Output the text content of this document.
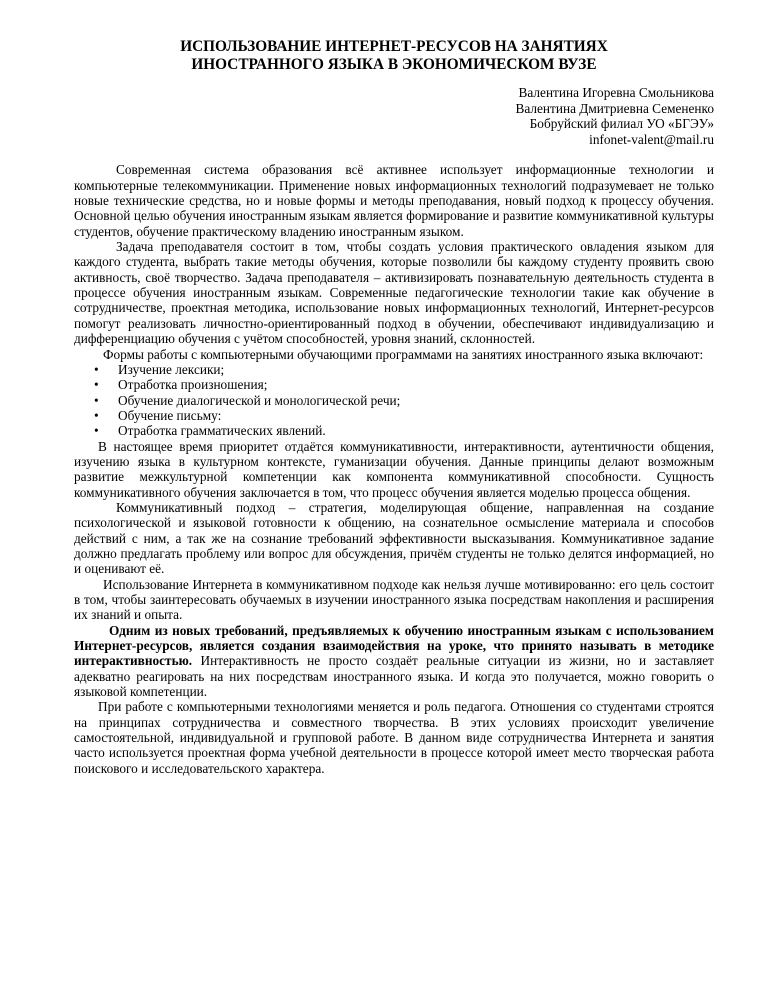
ИСПОЛЬЗОВАНИЕ ИНТЕРНЕТ-РЕСУСОВ НА ЗАНЯТИЯХ
ИНОСТРАННОГО ЯЗЫКА В ЭКОНОМИЧЕСКОМ ВУЗЕ
Валентина Игоревна Смольникова
Валентина Дмитриевна Семененко
Бобруйский филиал УО «БГЭУ»
infonet-valent@mail.ru

Современная система образования всё активнее использует информационные технологии и компьютерные телекоммуникации. Применение новых информационных технологий подразумевает не только новые технические средства, но и новые формы и методы преподавания, новый подход к процессу обучения. Основной целью обучения иностранным языкам является формирование и развитие коммуникативной культуры студентов, обучение практическому владению иностранным языком.

Задача преподавателя состоит в том, чтобы создать условия практического овладения языком для каждого студента, выбрать такие методы обучения, которые позволили бы каждому студенту проявить свою активность, своё творчество. Задача преподавателя – активизировать познавательную деятельность студента в процессе обучения иностранным языкам. Современные педагогические технологии такие как обучение в сотрудничестве, проектная методика, использование новых информационных технологий, Интернет-ресурсов помогут реализовать личностно-ориентированный подход в обучении, обеспечивают индивидуализацию и дифференциацию обучения с учётом способностей, уровня знаний, склонностей.

Формы работы с компьютерными обучающими программами на занятиях иностранного языка включают:

• Изучение лексики;
• Отработка произношения;
• Обучение диалогической и монологической речи;
• Обучение письму:
• Отработка грамматических явлений.

В настоящее время приоритет отдаётся коммуникативности, интерактивности, аутентичности общения, изучению языка в культурном контексте, гуманизации обучения. Данные принципы делают возможным развитие межкультурной компетенции как компонента коммуникативной способности. Сущность коммуникативного обучения заключается в том, что процесс обучения является моделью процесса общения.

Коммуникативный подход – стратегия, моделирующая общение, направленная на создание психологической и языковой готовности к общению, на сознательное осмысление материала и способов действий с ним, а так же на сознание требований эффективности высказывания. Коммуникативное задание должно предлагать проблему или вопрос для обсуждения, причём студенты не только делятся информацией, но и оценивают её.

Использование Интернета в коммуникативном подходе как нельзя лучше мотивированно: его цель состоит в том, чтобы заинтересовать обучаемых в изучении иностранного языка посредствам накопления и расширения их знаний и опыта.

Одним из новых требований, предъявляемых к обучению иностранным языкам с использованием Интернет-ресурсов, является создания взаимодействия на уроке, что принято называть в методике интерактивностью. Интерактивность не просто создаёт реальные ситуации из жизни, но и заставляет адекватно реагировать на них посредствам иностранного языка. И когда это получается, можно говорить о языковой компетенции.

При работе с компьютерными технологиями меняется и роль педагога. Отношения со студентами строятся на принципах сотрудничества и совместного творчества. В этих условиях происходит увеличение самостоятельной, индивидуальной и групповой работе. В данном виде сотрудничества Интернета и занятия часто используется проектная форма учебной деятельности в процессе которой имеет место творческая работа поискового и исследовательского характера.
